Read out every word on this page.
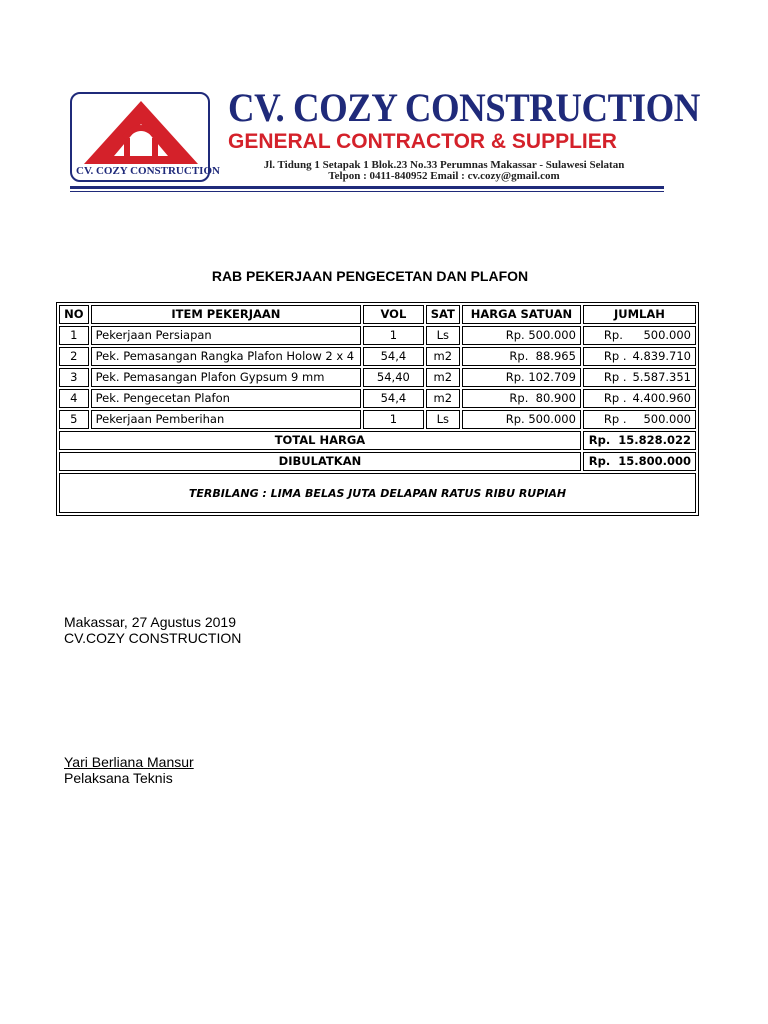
CV. COZY CONSTRUCTION
CV. COZY CONSTRUCTION
GENERAL CONTRACTOR & SUPPLIER
Jl. Tidung 1 Setapak 1 Blok.23 No.33 Perumnas Makassar - Sulawesi Selatan
Telpon : 0411-840952 Email : cv.cozy@gmail.com
RAB PEKERJAAN PENGECETAN DAN PLAFON
NO	ITEM PEKERJAAN	VOL	SAT	HARGA SATUAN	JUMLAH
1	Pekerjaan Persiapan	1	Ls	Rp. 500.000	Rp. 500.000
2	Pek. Pemasangan Rangka Plafon Holow 2 x 4	54,4	m2	Rp.  88.965	Rp . 4.839.710
3	Pek. Pemasangan Plafon Gypsum 9 mm	54,40	m2	Rp. 102.709	Rp . 5.587.351
4	Pek. Pengecetan Plafon	54,4	m2	Rp.  80.900	Rp . 4.400.960
5	Pekerjaan Pemberihan	1	Ls	Rp. 500.000	Rp . 500.000
TOTAL HARGA					Rp.  15.828.022
DIBULATKAN					Rp.  15.800.000
TERBILANG : LIMA BELAS JUTA DELAPAN RATUS RIBU RUPIAH					
Makassar, 27 Agustus 2019
CV.COZY CONSTRUCTION
Yari Berliana Mansur
Pelaksana Teknis
